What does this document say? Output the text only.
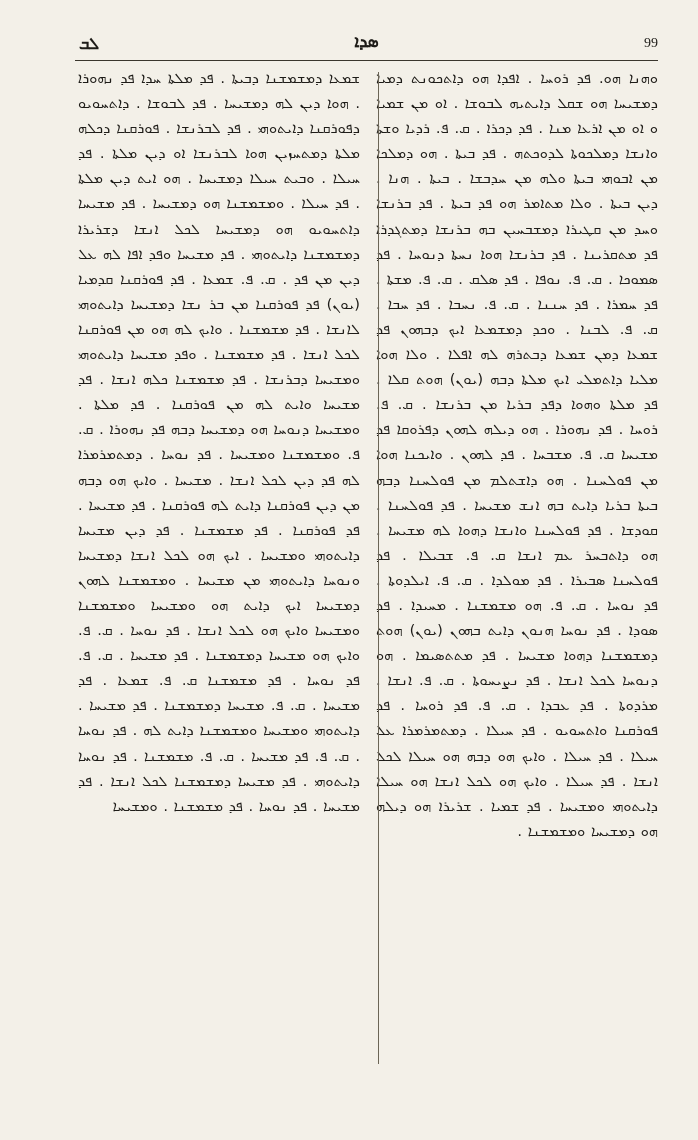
ܠܒ	ܣܕܐ	99

ܘܗܢܐ ܗܘ. ܦܕ ܪܘܚܐ . ܐܦܕܐ ܗܘ ܕܐܬܟܘܢܬ ܕܡܝܐ ܕܡܫܝܚܐ ܗܘ ܫܩܠ ܕܐܝܬܝܗ ܠܒܘܫܐ . ܐܘ ܡܢ ܫܡܝܐ ܘ ܐܘ ܡܢ ܐܪܥܐ ܡܢܐ . ܦܕ ܕܟܪܐ . ܩ. ܦ. ܪܕܝܐ ܘܫܬܐ ܘܐܢܫܐ ܕܡܠܟܘܬܐ ܠܕܘܟܬܗ . ܦܕ ܒܝܬܐ . ܗܘ ܕܡܠܟܐ ܡܢ ܐܒܘܗܝ ܒܝܬܐ ܘܠܗ ܡܢ ܚܕܒܫܐ . ܒܝܬܐ . ܗܢܐ . ܕܝܢ ܒܝܬܐ . ܘܠܐ ܡܬܐܡܪ ܗܘ ܦܕ ܒܝܬܐ . ܦܕ ܒܪܢܫܐ ܘܚܕ ܡܢ ܩܛܝܪܐ ܕܡܫܒܚܝܢ ܒܗ ܒܪܢܫܐ ܕܡܬܓܕܪܐ ܦܕ ܡܬܩܪܝܢܐ . ܦܕ ܒܪܢܫܐ ܗܘܐ ܢܚܬܐ ܕܢܘܚܐ . ܦܕ ܣܡܘܟܐ . ܩ. ܦ. ܢܘܦܐ . ܦܕ ܣܠܩ . ܩ. ܦ. ܡܫܬܐ . ܦܕ ܚܡܪܐ . ܦܕ ܚܢܢܐ . ܩ. ܦ. ܢܚܒܐ . ܦܕ ܚܒܐ . ܩ. ܦ. ܠܒܢܐ . ܘܟܕ ܕܡܫܡܥܐ ܐܝܟ ܕܒܗܘܢ ܦܕ ܫܡܥܐ ܕܡܢ ܫܡܥܐ ܕܒܬܪܗ ܠܗ ܐܦܠܐ . ܘܠܐ ܗܘܐ ܡܠܝܐ ܕܐܬܡܠܝ ܐܝܟ ܡܠܬܐ ܕܒܗ (ܝܘܢ) ܗܘܬ ܩܠܐ . ܦܕ ܡܠܬܐ ܘܗܘܐ ܕܦܕ ܒܪܝܐ ܡܢ ܒܪܢܫܐ . ܩ. ܦ. ܪܘܚܐ . ܦܕ ܢܗܘܪܐ . ܗܘ ܕܝܠܗ ܠܗܘܢ ܕܦܪܘܩܐ ܦܕ ܡܫܝܚܐ ܩ. ܦ. ܡܫܒܚܐ . ܦܕ ܠܗܘܢ . ܘܐܝܟܢܐ ܗܘܐ ܡܢ ܦܘܠܚܢܐ . ܗܘ ܕܐܫܬܠܡ ܡܢ ܦܘܠܚܢܐ ܕܒܗ ܒܝܬܐ ܒܪܝܐ ܕܐܝܬ ܒܗ ܐܢܫ ܡܫܝܚܐ . ܦܕ ܦܘܠܚܢܐ . ܩܘܕܫܐ . ܦܕ ܦܘܠܚܢܐ ܘܐܢܫܐ ܕܗܘܐ ܠܗ ܡܫܝܚܐ . ܗܘ ܕܐܬܒܚܪ ܥܡ ܐܢܫܐ ܩ. ܦ. ܫܒܝܠܐ . ܦܕ ܦܘܠܚܢܐ ܣܒܝܪܐ . ܦܕ ܡܘܠܕܐ . ܩ. ܦ. ܐܝܠܕܘܬܐ . ܦܕ ܢܘܚܐ . ܩ. ܦ. ܗܘ ܡܫܡܫܢܐ . ܡܚܝܕܐ . ܦܕ ܣܘܕܐ . ܦܕ ܢܘܚܐ ܗܢܘܢ ܕܐܝܬ ܒܗܘܢ (ܝܘܢ) ܗܘܬ ܕܡܫܡܫܢܐ ܕܗܘܐ ܡܫܝܚܐ . ܦܕ ܡܬܬܣܝܡܐ . ܗܘ ܕܢܘܚܐ ܠܟܠ ܐܢܫܐ . ܦܕ ܢܨܝܚܘܬܐ . ܩ. ܦ. ܐܢܫܐ . ܡܪܕܘܬܐ . ܦܕ ܥܒܕܐ . ܩ. ܦ. ܦܕ ܪܘܚܐ . ܦܕ ܦܘܪܩܢܐ ܘܐܬܚܘܝܘ . ܦܕ ܚܝܠܐ . ܕܡܬܡܪܡܪܐ ܥܠ ܚܝܠܐ . ܦܕ ܚܝܠܐ . ܘܐܝܟ ܗܘ ܕܒܗ ܗܘ ܚܝܠܐ ܠܟܠ ܐܢܫܐ . ܦܕ ܚܝܠܐ . ܘܐܝܟ ܗܘ ܠܟܠ ܐܢܫܐ ܗܘ ܚܝܠܐ ܕܐܝܬܘܗܝ ܘܡܫܝܚܐ . ܦܕ ܫܡܝܐ . ܫܪܝܪܐ ܗܘ ܕܝܠܗ ܗܘ ܕܡܫܝܚܐ ܘܡܫܡܫܢܐ .

ܫܡܥܐ ܕܡܫܡܫܢܐ ܕܒܝܬܐ . ܦܕ ܡܠܬܐ ܚܕܐ ܦܕ ܢܗܘܪܐ . ܗܘܐ ܕܝܢ ܠܗ ܕܡܫܝܚܐ . ܦܕ ܠܒܘܫܐ . ܕܐܬܚܘܝܘ ܕܦܘܪܩܢܐ ܕܐܝܬܘܗܝ . ܦܕ ܠܒܪܢܫܐ . ܦܘܪܩܢܐ ܕܟܠܗ ܡܠܬܐ ܕܡܬܚܙܝܢ ܗܘܐ ܠܒܪܢܫܐ ܐܘ ܕܝܢ ܡܠܬܐ . ܦܕ ܚܝܠܐ . ܘܒܝܬ ܚܝܠܐ ܕܡܫܝܚܐ . ܗܘ ܐܝܬ ܕܝܢ ܡܠܬܐ . ܦܕ ܚܝܠܐ . ܘܡܫܡܫܢܐ ܗܘ ܕܡܫܝܚܐ . ܦܕ ܡܫܝܚܐ ܕܐܬܚܘܝܘ ܗܘ ܕܡܫܝܚܐ ܠܟܠ ܐܢܫܐ ܕܫܪܝܪܐ ܕܡܫܡܫܢܐ ܕܐܝܬܘܗܝ . ܦܕ ܡܫܝܚܐ ܘܦܕ ܐܦܐ ܠܗ ܥܠ ܕܝܢ ܡܢ ܦܕ . ܩ. ܦ. ܫܡܥܐ . ܦܕ ܦܘܪܩܢܐ ܩܕܡܝܐ (ܝܘܢ) ܦܕ ܦܘܪܩܢܐ ܡܢ ܒܪ ܢܫܐ ܕܡܫܝܚܐ ܕܐܝܬܘܗܝ ܠܐܢܫܐ . ܦܕ ܡܫܡܫܢܐ . ܘܐܝܟ ܠܗ ܗܘ ܡܢ ܦܘܪܩܢܐ ܠܟܠ ܐܢܫܐ . ܦܕ ܡܫܡܫܢܐ . ܘܦܕ ܡܫܝܚܐ ܕܐܝܬܘܗܝ ܘܡܫܝܚܐ ܕܒܪܢܫܐ . ܦܕ ܡܫܡܫܢܐ ܟܠܗ ܐܢܫܐ . ܦܕ ܡܫܝܚܐ ܘܐܝܬ ܠܗ ܡܢ ܦܘܪܩܢܐ . ܦܕ ܡܠܬܐ . ܘܡܫܝܚܐ ܕܢܘܚܐ ܗܘ ܕܡܫܝܚܐ ܕܒܗ ܦܕ ܢܗܘܪܐ . ܩ. ܦ. ܘܡܫܡܫܢܐ ܘܡܫܝܚܐ . ܦܕ ܢܘܚܐ . ܕܡܬܡܪܡܪܐ ܠܗ ܦܕ ܕܝܢ ܠܟܠ ܐܢܫܐ . ܡܫܝܚܐ . ܘܐܝܟ ܗܘ ܕܒܗ ܡܢ ܕܝܢ ܦܘܪܩܢܐ ܕܐܝܬ ܠܗ ܦܘܪܩܢܐ . ܦܕ ܡܫܝܚܐ . ܦܕ ܦܘܪܩܢܐ . ܦܕ ܡܫܡܫܢܐ . ܦܕ ܕܝܢ ܡܫܝܚܐ ܕܐܝܬܘܗܝ ܘܡܫܝܚܐ . ܐܝܟ ܗܘ ܠܟܠ ܐܢܫܐ ܕܡܫܝܚܐ ܘܢܘܚܐ ܕܐܝܬܘܗܝ ܡܢ ܡܫܝܚܐ . ܘܡܫܡܫܢܐ ܠܗܘܢ ܕܡܫܝܚܐ ܐܝܟ ܕܐܝܬ ܗܘ ܘܡܫܝܚܐ ܘܡܫܡܫܢܐ ܘܡܫܝܚܐ ܘܐܝܟ ܗܘ ܠܟܠ ܐܢܫܐ . ܦܕ ܢܘܚܐ . ܩ. ܦ. ܘܐܝܟ ܗܘ ܡܫܝܚܐ ܕܡܫܡܫܢܐ . ܦܕ ܡܫܝܚܐ . ܩ. ܦ. ܦܕ ܢܘܚܐ . ܦܕ ܡܫܡܫܢܐ ܩ. ܦ. ܫܡܥܐ . ܦܕ ܡܫܝܚܐ . ܩ. ܦ. ܡܫܝܚܐ ܕܡܫܡܫܢܐ . ܦܕ ܡܫܝܚܐ . ܕܐܝܬܘܗܝ ܘܡܫܝܚܐ ܘܡܫܡܫܢܐ ܕܐܝܬ ܠܗ . ܦܕ ܢܘܚܐ . ܩ. ܦ. ܦܕ ܡܫܝܚܐ . ܩ. ܦ. ܡܫܡܫܢܐ . ܦܕ ܢܘܚܐ ܕܐܝܬܘܗܝ . ܦܕ ܡܫܝܚܐ ܕܡܫܡܫܢܐ ܠܟܠ ܐܢܫܐ . ܦܕ ܡܫܝܚܐ . ܦܕ ܢܘܚܐ . ܦܕ ܡܫܡܫܢܐ . ܘܡܫܝܚܐ
